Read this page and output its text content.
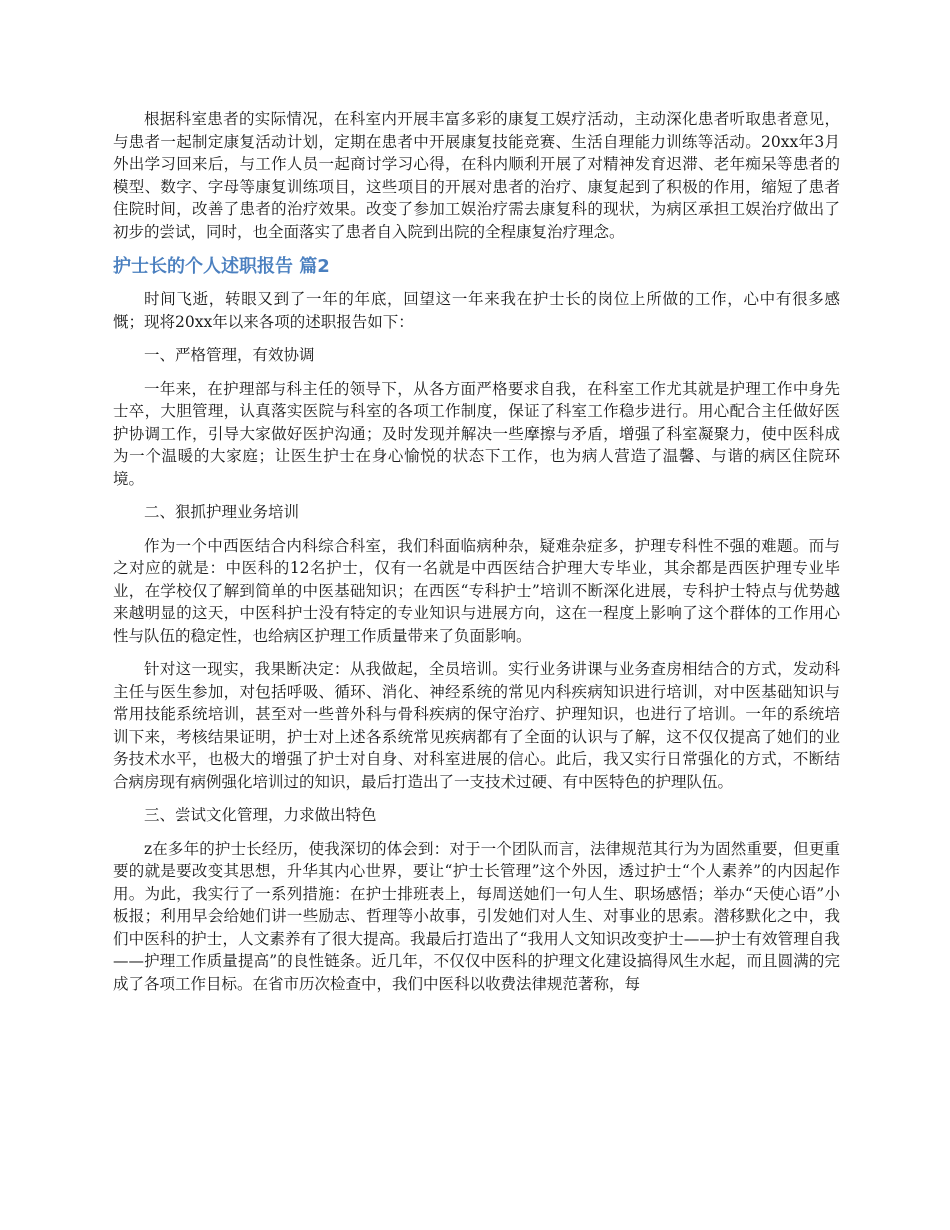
根据科室患者的实际情况，在科室内开展丰富多彩的康复工娱疗活动，主动深化患者听取患者意见，与患者一起制定康复活动计划，定期在患者中开展康复技能竞赛、生活自理能力训练等活动。20xx年3月外出学习回来后，与工作人员一起商讨学习心得，在科内顺利开展了对精神发育迟滞、老年痴呆等患者的模型、数字、字母等康复训练项目，这些项目的开展对患者的治疗、康复起到了积极的作用，缩短了患者住院时间，改善了患者的治疗效果。改变了参加工娱治疗需去康复科的现状，为病区承担工娱治疗做出了初步的尝试，同时，也全面落实了患者自入院到出院的全程康复治疗理念。

护士长的个人述职报告 篇2

时间飞逝，转眼又到了一年的年底，回望这一年来我在护士长的岗位上所做的工作，心中有很多感慨；现将20xx年以来各项的述职报告如下：

一、严格管理，有效协调

一年来，在护理部与科主任的领导下，从各方面严格要求自我，在科室工作尤其就是护理工作中身先士卒，大胆管理，认真落实医院与科室的各项工作制度，保证了科室工作稳步进行。用心配合主任做好医护协调工作，引导大家做好医护沟通；及时发现并解决一些摩擦与矛盾，增强了科室凝聚力，使中医科成为一个温暖的大家庭；让医生护士在身心愉悦的状态下工作，也为病人营造了温馨、与谐的病区住院环境。

二、狠抓护理业务培训

作为一个中西医结合内科综合科室，我们科面临病种杂，疑难杂症多，护理专科性不强的难题。而与之对应的就是：中医科的12名护士，仅有一名就是中西医结合护理大专毕业，其余都是西医护理专业毕业，在学校仅了解到简单的中医基础知识；在西医“专科护士”培训不断深化进展，专科护士特点与优势越来越明显的这天，中医科护士没有特定的专业知识与进展方向，这在一程度上影响了这个群体的工作用心性与队伍的稳定性，也给病区护理工作质量带来了负面影响。

针对这一现实，我果断决定：从我做起，全员培训。实行业务讲课与业务查房相结合的方式，发动科主任与医生参加，对包括呼吸、循环、消化、神经系统的常见内科疾病知识进行培训，对中医基础知识与常用技能系统培训，甚至对一些普外科与骨科疾病的保守治疗、护理知识，也进行了培训。一年的系统培训下来，考核结果证明，护士对上述各系统常见疾病都有了全面的认识与了解，这不仅仅提高了她们的业务技术水平，也极大的增强了护士对自身、对科室进展的信心。此后，我又实行日常强化的方式，不断结合病房现有病例强化培训过的知识，最后打造出了一支技术过硬、有中医特色的护理队伍。

三、尝试文化管理，力求做出特色

z在多年的护士长经历，使我深切的体会到：对于一个团队而言，法律规范其行为为固然重要，但更重要的就是要改变其思想，升华其内心世界，要让“护士长管理”这个外因，透过护士“个人素养”的内因起作用。为此，我实行了一系列措施：在护士排班表上，每周送她们一句人生、职场感悟；举办“天使心语”小板报；利用早会给她们讲一些励志、哲理等小故事，引发她们对人生、对事业的思索。潜移默化之中，我们中医科的护士，人文素养有了很大提高。我最后打造出了“我用人文知识改变护士——护士有效管理自我——护理工作质量提高”的良性链条。近几年，不仅仅中医科的护理文化建设搞得风生水起，而且圆满的完成了各项工作目标。在省市历次检查中，我们中医科以收费法律规范著称，每
